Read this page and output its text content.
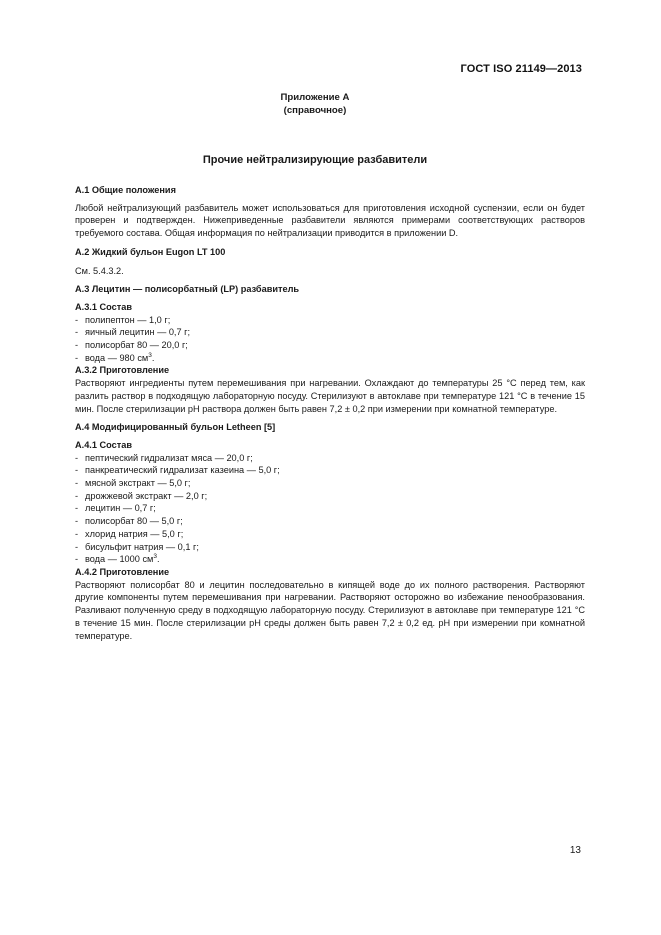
ГОСТ ISO 21149—2013
Приложение А
(справочное)
Прочие нейтрализирующие разбавители

А.1 Общие положения

Любой нейтрализующий разбавитель может использоваться для приготовления исходной суспензии, если он будет проверен и подтвержден. Нижеприведенные разбавители являются примерами соответствующих растворов требуемого состава. Общая информация по нейтрализации приводится в приложении D.

А.2 Жидкий бульон Eugon LT 100

См. 5.4.3.2.

А.3 Лецитин — полисорбатный (LP) разбавитель

А.3.1 Состав

- полипептон — 1,0 г;
- яичный лецитин — 0,7 г;
- полисорбат 80 — 20,0 г;
- вода — 980 $см^3$.

А.3.2 Приготовление

Растворяют ингредиенты путем перемешивания при нагревании. Охлаждают до температуры 25 °С перед тем, как разлить раствор в подходящую лабораторную посуду. Стерилизуют в автоклаве при температуре 121 °С в течение 15 мин. После стерилизации pH раствора должен быть равен 7,2 ± 0,2 при измерении при комнатной температуре.

А.4 Модифицированный бульон Letheen [5]

А.4.1 Состав

- пептический гидрализат мяса — 20,0 г;
- панкреатический гидрализат казеина — 5,0 г;
- мясной экстракт — 5,0 г;
- дрожжевой экстракт — 2,0 г;
- лецитин — 0,7 г;
- полисорбат 80 — 5,0 г;
- хлорид натрия — 5,0 г;
- бисульфит натрия — 0,1 г;
- вода — 1000 $см^3$.

А.4.2 Приготовление

Растворяют полисорбат 80 и лецитин последовательно в кипящей воде до их полного растворения. Растворяют другие компоненты путем перемешивания при нагревании. Растворяют осторожно во избежание пенообразования. Разливают полученную среду в подходящую лабораторную посуду. Стерилизуют в автоклаве при температуре 121 °С в течение 15 мин. После стерилизации pH среды должен быть равен 7,2 ± 0,2 ед. pH при измерении при комнатной температуре.

13
